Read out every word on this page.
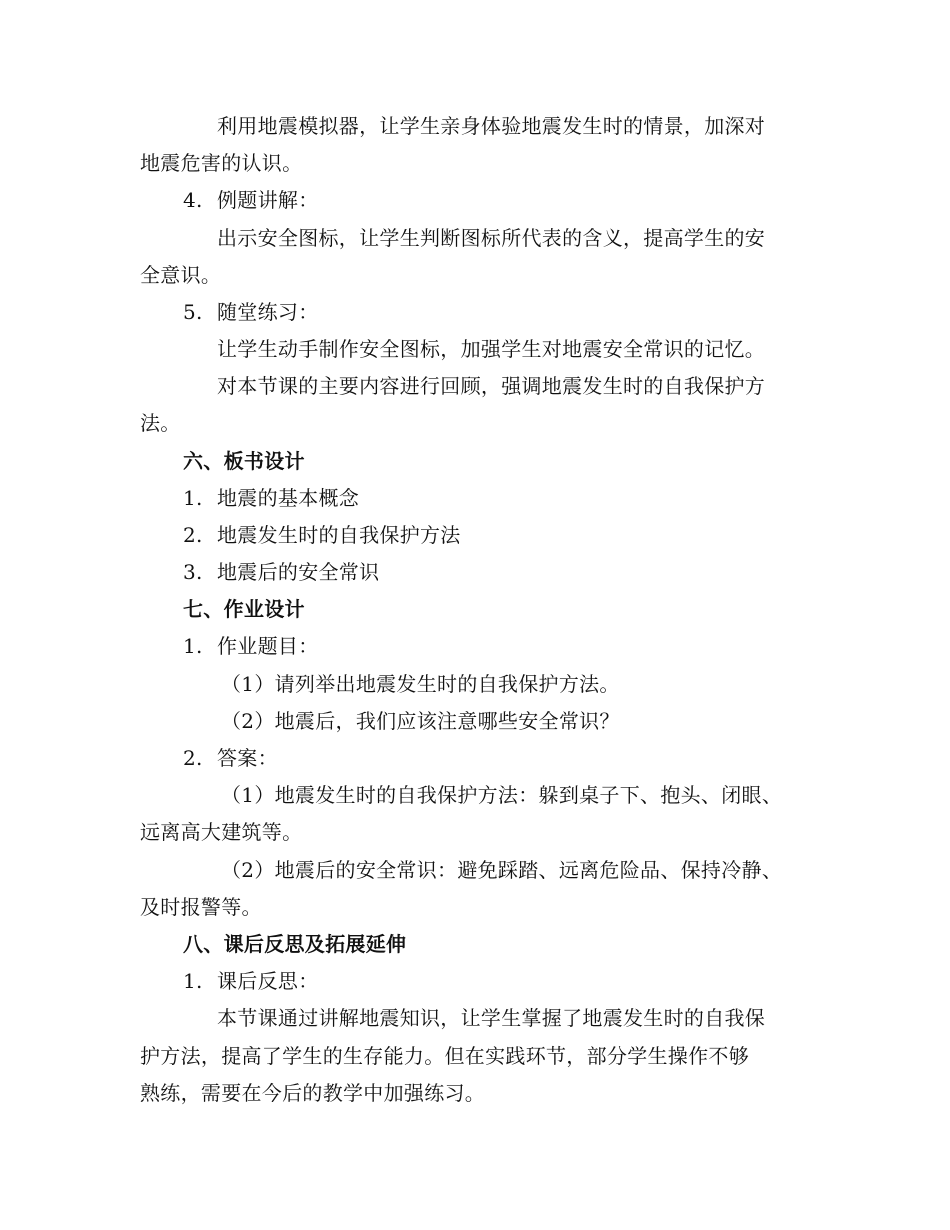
利用地震模拟器，让学生亲身体验地震发生时的情景，加深对
地震危害的认识。
4. 例题讲解：
出示安全图标，让学生判断图标所代表的含义，提高学生的安
全意识。
5. 随堂练习：
让学生动手制作安全图标，加强学生对地震安全常识的记忆。
对本节课的主要内容进行回顾，强调地震发生时的自我保护方
法。
六、板书设计
1. 地震的基本概念
2. 地震发生时的自我保护方法
3. 地震后的安全常识
七、作业设计
1. 作业题目：
（1）请列举出地震发生时的自我保护方法。
（2）地震后，我们应该注意哪些安全常识？
2. 答案：
（1）地震发生时的自我保护方法：躲到桌子下、抱头、闭眼、
远离高大建筑等。
（2）地震后的安全常识：避免踩踏、远离危险品、保持冷静、
及时报警等。
八、课后反思及拓展延伸
1. 课后反思：
本节课通过讲解地震知识，让学生掌握了地震发生时的自我保
护方法，提高了学生的生存能力。但在实践环节，部分学生操作不够
熟练，需要在今后的教学中加强练习。
